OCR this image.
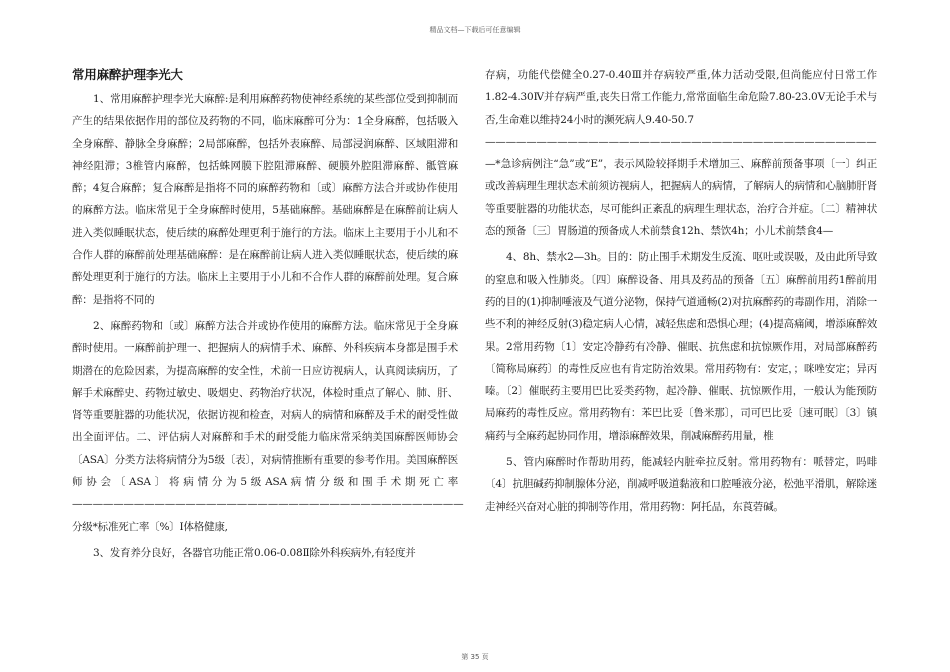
精品文档—下载后可任意编辑
常用麻醉护理李光大

1、常用麻醉护理李光大麻醉:是利用麻醉药物使神经系统的某些部位受到抑制而产生的结果依据作用的部位及药物的不同，临床麻醉可分为：1全身麻醉，包括吸入全身麻醉、静脉全身麻醉；2局部麻醉，包括外表麻醉、局部浸润麻醉、区域阻滞和神经阻滞；3椎管内麻醉，包括蛛网膜下腔阻滞麻醉、硬膜外腔阻滞麻醉、骶管麻醉；4复合麻醉；复合麻醉是指将不同的麻醉药物和〔或〕麻醉方法合并或协作使用的麻醉方法。临床常见于全身麻醉时使用，5基础麻醉。基础麻醉是在麻醉前让病人进入类似睡眠状态，使后续的麻醉处理更利于施行的方法。临床上主要用于小儿和不合作人群的麻醉前处理基础麻醉：是在麻醉前让病人进入类似睡眠状态，使后续的麻醉处理更利于施行的方法。临床上主要用于小儿和不合作人群的麻醉前处理。复合麻醉：是指将不同的

2、麻醉药物和〔或〕麻醉方法合并或协作使用的麻醉方法。临床常见于全身麻醉时使用。一麻醉前护理一、把握病人的病情手术、麻醉、外科疾病本身都是围手术期潜在的危险因素，为提高麻醉的安全性，术前一日应访视病人，认真阅读病历，了解手术麻醉史、药物过敏史、吸烟史、药物治疗状况，体检时重点了解心、肺、肝、肾等重要脏器的功能状况，依据访视和检查，对病人的病情和麻醉及手术的耐受性做出全面评估。二、评估病人对麻醉和手术的耐受能力临床常采纳美国麻醉医师协会〔ASA〕分类方法将病情分为5级〔表〕，对病情推断有重要的参考作用。美国麻醉医师协会〔ASA〕将病情分为5级ASA病情分级和围手术期死亡率——————————————————————————————————————分级*标准死亡率〔%〕Ⅰ体格健康,

3、发育养分良好，各器官功能正常0.06-0.08Ⅱ除外科疾病外,有轻度并

存病，功能代偿健全0.27-0.40Ⅲ并存病较严重,体力活动受限,但尚能应付日常工作1.82-4.30Ⅳ并存病严重,丧失日常工作能力,常常面临生命危险7.80-23.0Ⅴ无论手术与否,生命难以维持24小时的濒死病人9.40-50.7

——————————————————————————————————————

—*急诊病例注“急”或“E”，表示风险较择期手术增加三、麻醉前预备事项〔一〕纠正或改善病理生理状态术前须访视病人，把握病人的病情，了解病人的病情和心脑肺肝肾等重要脏器的功能状态，尽可能纠正紊乱的病理生理状态，治疗合并症。〔二〕精神状态的预备〔三〕胃肠道的预备成人术前禁食12h、禁饮4h；小儿术前禁食4—

4、8h、禁水2—3h。目的：防止围手术期发生反流、呕吐或误吸，及由此所导致的窒息和吸入性肺炎。〔四〕麻醉设备、用具及药品的预备〔五〕麻醉前用药1醉前用药的目的(1)抑制唾液及气道分泌物，保持气道通畅(2)对抗麻醉药的毒副作用，消除一些不利的神经反射(3)稳定病人心情，减轻焦虑和恐惧心理；(4)提高痛阈，增添麻醉效果。2常用药物〔1〕安定冷静药有冷静、催眠、抗焦虑和抗惊厥作用，对局部麻醉药〔简称局麻药〕的毒性反应也有肯定防治效果。常用药物有：安定，；咪唑安定；异丙嗪。〔2〕催眠药主要用巴比妥类药物，起冷静、催眠、抗惊厥作用，一般认为能预防局麻药的毒性反应。常用药物有：苯巴比妥〔鲁米那〕，司可巴比妥〔速可眠〕〔3〕镇痛药与全麻药起协同作用，增添麻醉效果，削减麻醉药用量，椎

5、管内麻醉时作帮助用药，能减轻内脏牵拉反射。常用药物有：哌替定，吗啡〔4〕抗胆碱药抑制腺体分泌，削减呼吸道黏液和口腔唾液分泌，松弛平滑肌，解除迷走神经兴奋对心脏的抑制等作用，常用药物：阿托品，东莨菪碱。

第 35 页
